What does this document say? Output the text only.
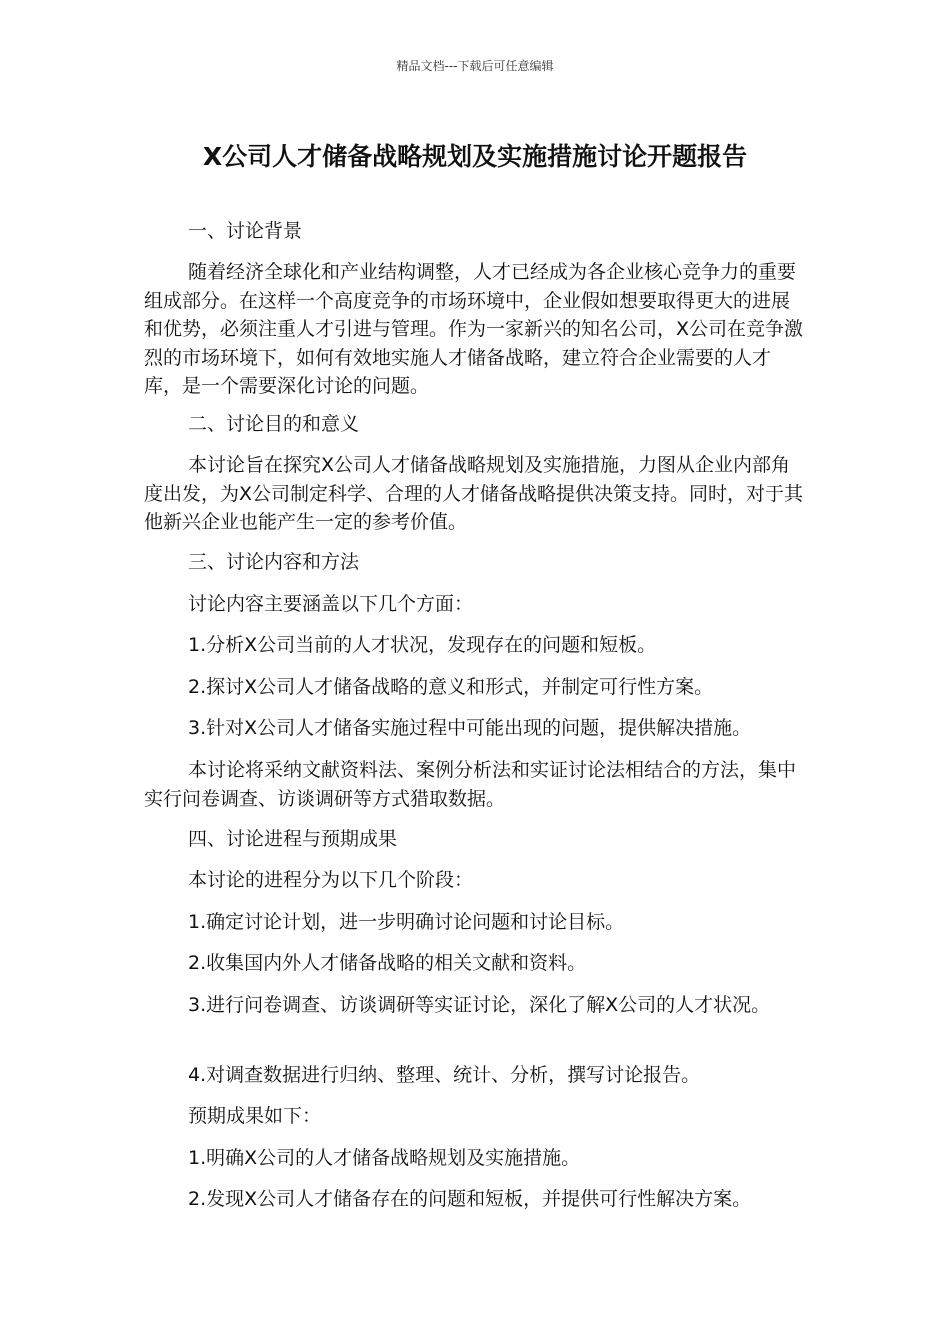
精品文档---下载后可任意编辑
X公司人才储备战略规划及实施措施讨论开题报告

一、讨论背景

随着经济全球化和产业结构调整，人才已经成为各企业核心竞争力的重要组成部分。在这样一个高度竞争的市场环境中，企业假如想要取得更大的进展和优势，必须注重人才引进与管理。作为一家新兴的知名公司，X公司在竞争激烈的市场环境下，如何有效地实施人才储备战略，建立符合企业需要的人才库，是一个需要深化讨论的问题。

二、讨论目的和意义

本讨论旨在探究X公司人才储备战略规划及实施措施，力图从企业内部角度出发，为X公司制定科学、合理的人才储备战略提供决策支持。同时，对于其他新兴企业也能产生一定的参考价值。

三、讨论内容和方法

讨论内容主要涵盖以下几个方面：

1.分析X公司当前的人才状况，发现存在的问题和短板。

2.探讨X公司人才储备战略的意义和形式，并制定可行性方案。

3.针对X公司人才储备实施过程中可能出现的问题，提供解决措施。

本讨论将采纳文献资料法、案例分析法和实证讨论法相结合的方法，集中实行问卷调查、访谈调研等方式猎取数据。

四、讨论进程与预期成果

本讨论的进程分为以下几个阶段：

1.确定讨论计划，进一步明确讨论问题和讨论目标。

2.收集国内外人才储备战略的相关文献和资料。

3.进行问卷调查、访谈调研等实证讨论，深化了解X公司的人才状况。

4.对调查数据进行归纳、整理、统计、分析，撰写讨论报告。

预期成果如下：

1.明确X公司的人才储备战略规划及实施措施。

2.发现X公司人才储备存在的问题和短板，并提供可行性解决方案。
